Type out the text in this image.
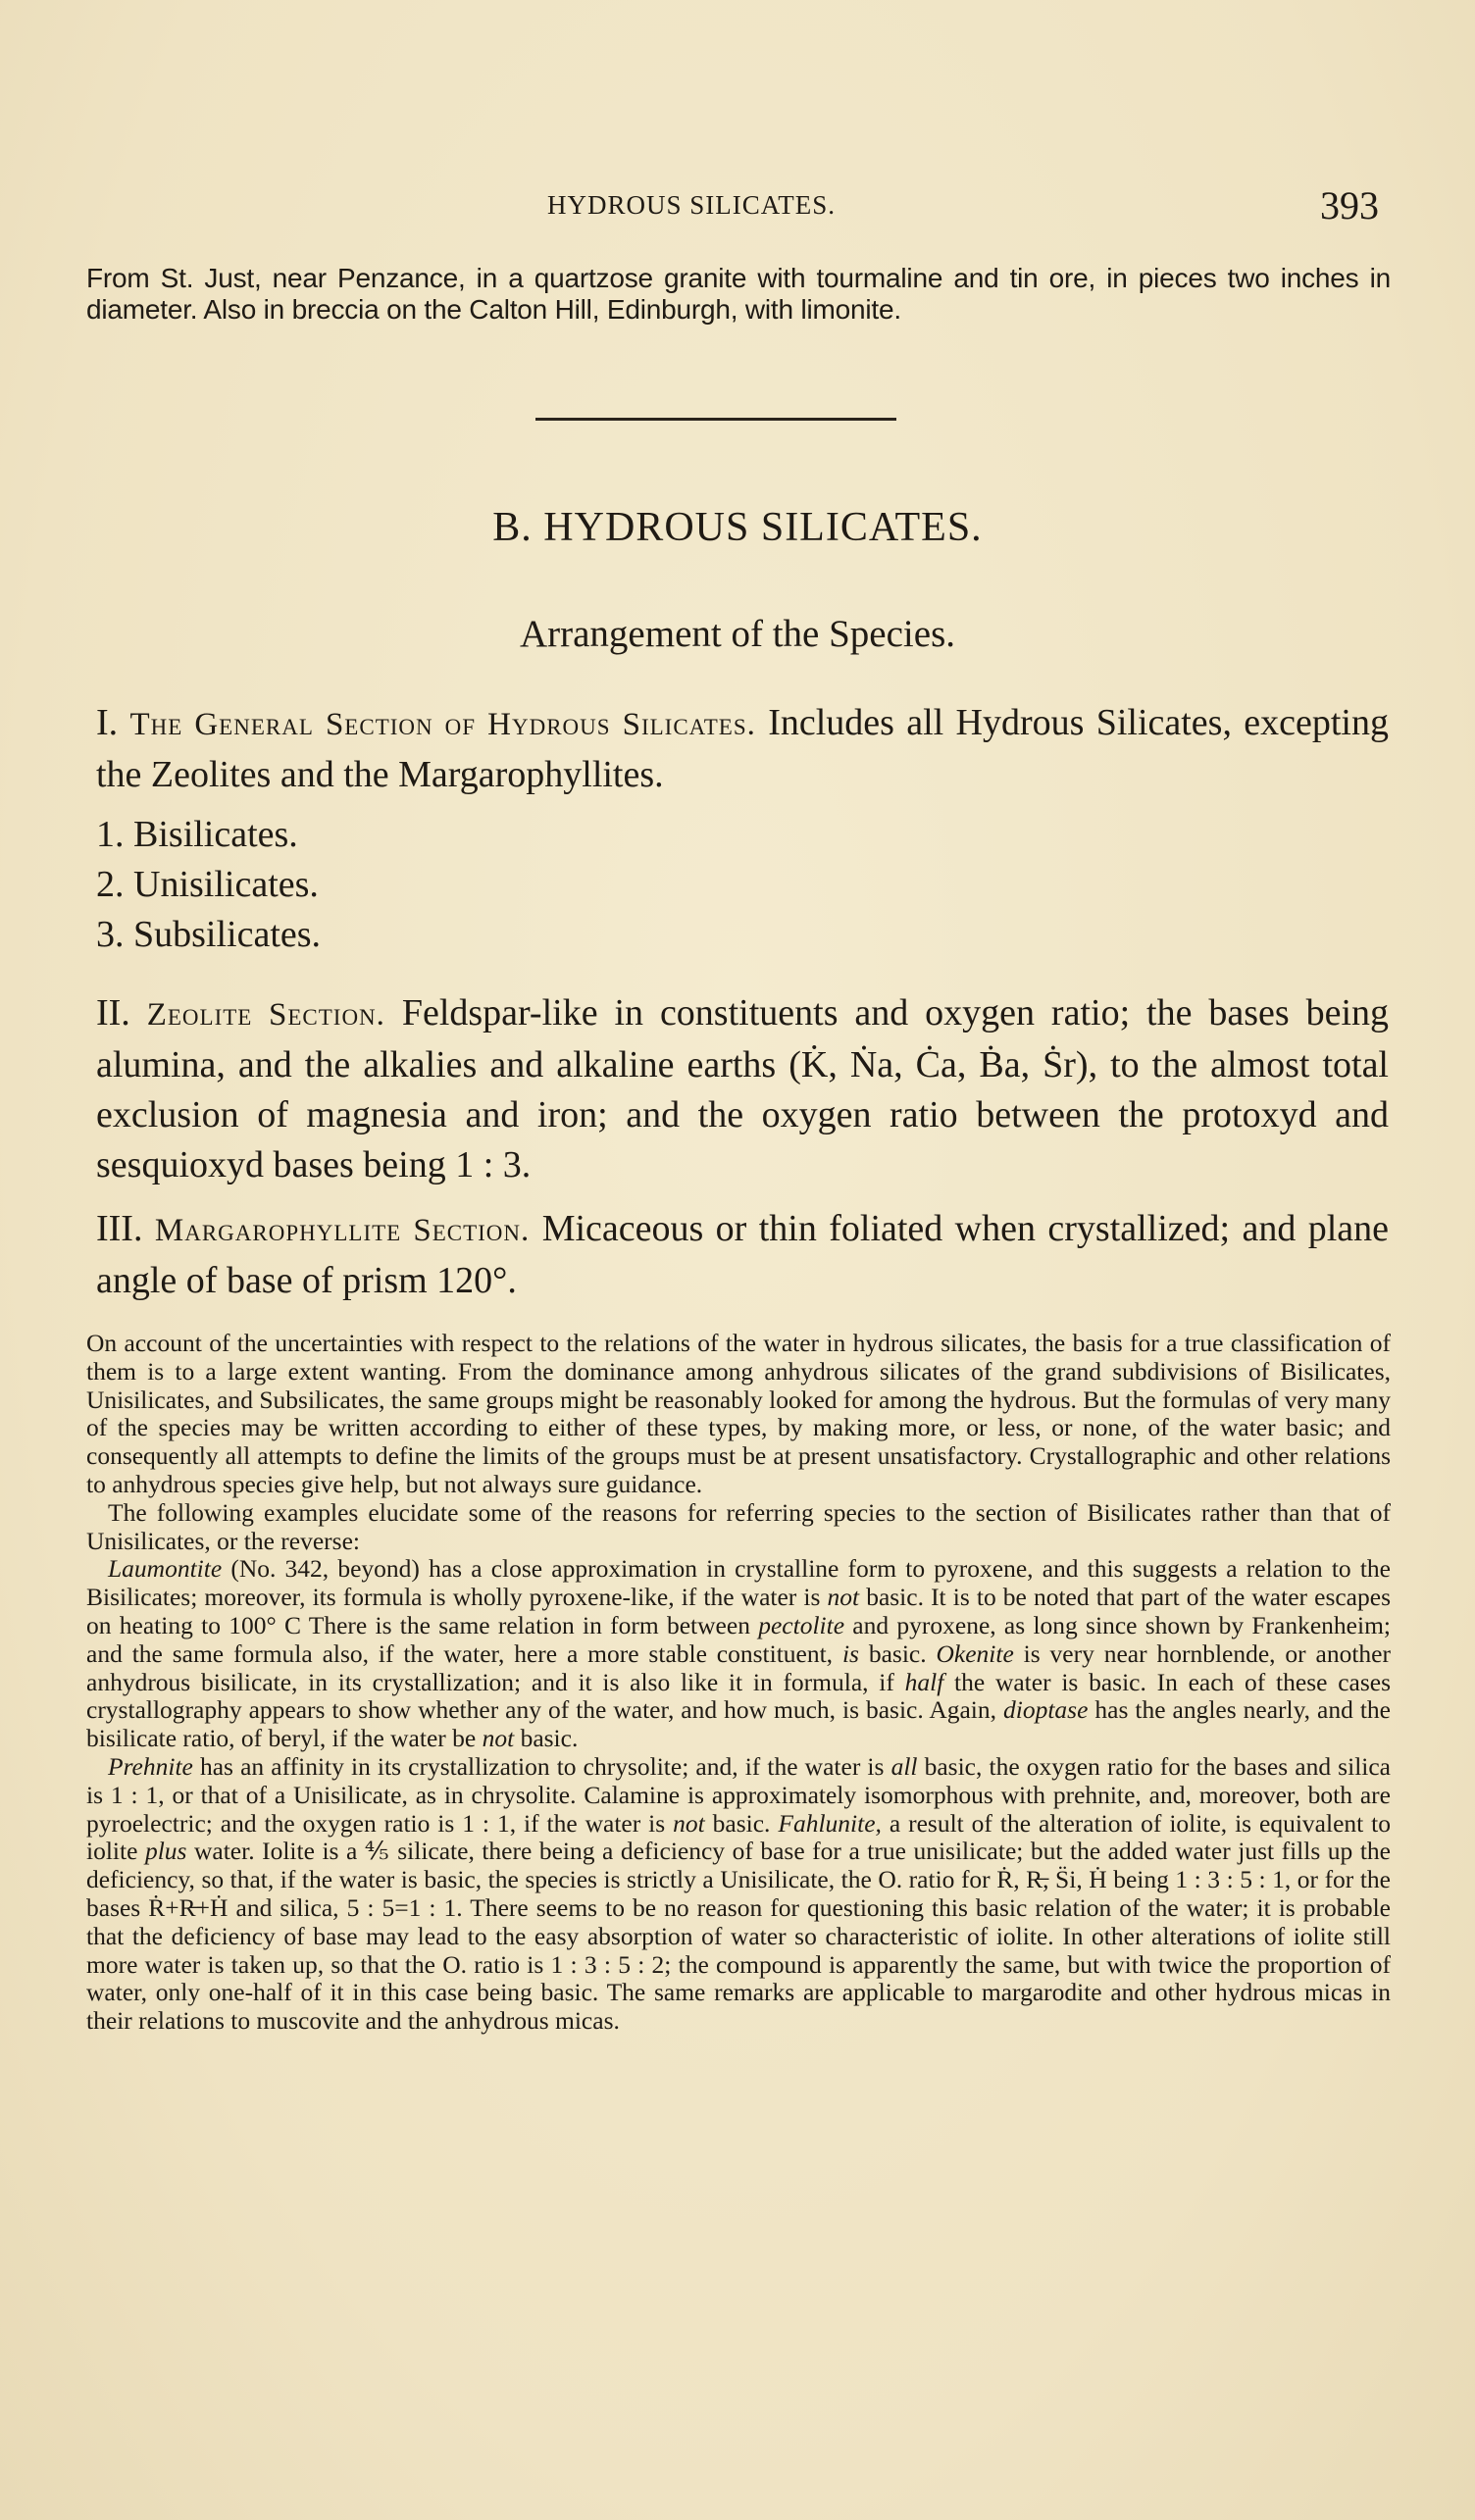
HYDROUS SILICATES.	393
From St. Just, near Penzance, in a quartzose granite with tourmaline and tin ore, in pieces two inches in diameter. Also in breccia on the Calton Hill, Edinburgh, with limonite.
B. HYDROUS SILICATES.
Arrangement of the Species.
I. The General Section of Hydrous Silicates. Includes all Hydrous Silicates, excepting the Zeolites and the Margarophyllites.
1. Bisilicates.
2. Unisilicates.
3. Subsilicates.
II. Zeolite Section. Feldspar-like in constituents and oxygen ratio; the bases being alumina, and the alkalies and alkaline earths (K̇, Ṅa, Ċa, Ḃa, Ṡr), to the almost total exclusion of magnesia and iron; and the oxygen ratio between the protoxyd and sesquioxyd bases being 1 : 3.
III. Margarophyllite Section. Micaceous or thin foliated when crystallized; and plane angle of base of prism 120°.

On account of the uncertainties with respect to the relations of the water in hydrous silicates, the basis for a true classification of them is to a large extent wanting. From the dominance among anhydrous silicates of the grand subdivisions of Bisilicates, Unisilicates, and Subsilicates, the same groups might be reasonably looked for among the hydrous. But the formulas of very many of the species may be written according to either of these types, by making more, or less, or none, of the water basic; and consequently all attempts to define the limits of the groups must be at present unsatisfactory. Crystallographic and other relations to anhydrous species give help, but not always sure guidance.

The following examples elucidate some of the reasons for referring species to the section of Bisilicates rather than that of Unisilicates, or the reverse:

Laumontite (No. 342, beyond) has a close approximation in crystalline form to pyroxene, and this suggests a relation to the Bisilicates; moreover, its formula is wholly pyroxene-like, if the water is not basic. It is to be noted that part of the water escapes on heating to 100° C There is the same relation in form between pectolite and pyroxene, as long since shown by Frankenheim; and the same formula also, if the water, here a more stable constituent, is basic. Okenite is very near hornblende, or another anhydrous bisilicate, in its crystallization; and it is also like it in formula, if half the water is basic. In each of these cases crystallography appears to show whether any of the water, and how much, is basic. Again, dioptase has the angles nearly, and the bisilicate ratio, of beryl, if the water be not basic.

Prehnite has an affinity in its crystallization to chrysolite; and, if the water is all basic, the oxygen ratio for the bases and silica is 1 : 1, or that of a Unisilicate, as in chrysolite. Calamine is approximately isomorphous with prehnite, and, moreover, both are pyroelectric; and the oxygen ratio is 1 : 1, if the water is not basic. Fahlunite, a result of the alteration of iolite, is equivalent to iolite plus water. Iolite is a ⅘ silicate, there being a deficiency of base for a true unisilicate; but the added water just fills up the deficiency, so that, if the water is basic, the species is strictly a Unisilicate, the O. ratio for Ṙ, R̶, S̈i, Ḣ being 1 : 3 : 5 : 1, or for the bases Ṙ+R̶+Ḣ and silica, 5 : 5=1 : 1. There seems to be no reason for questioning this basic relation of the water; it is probable that the deficiency of base may lead to the easy absorption of water so characteristic of iolite. In other alterations of iolite still more water is taken up, so that the O. ratio is 1 : 3 : 5 : 2; the compound is apparently the same, but with twice the proportion of water, only one-half of it in this case being basic. The same remarks are applicable to margarodite and other hydrous micas in their relations to muscovite and the anhydrous micas.
